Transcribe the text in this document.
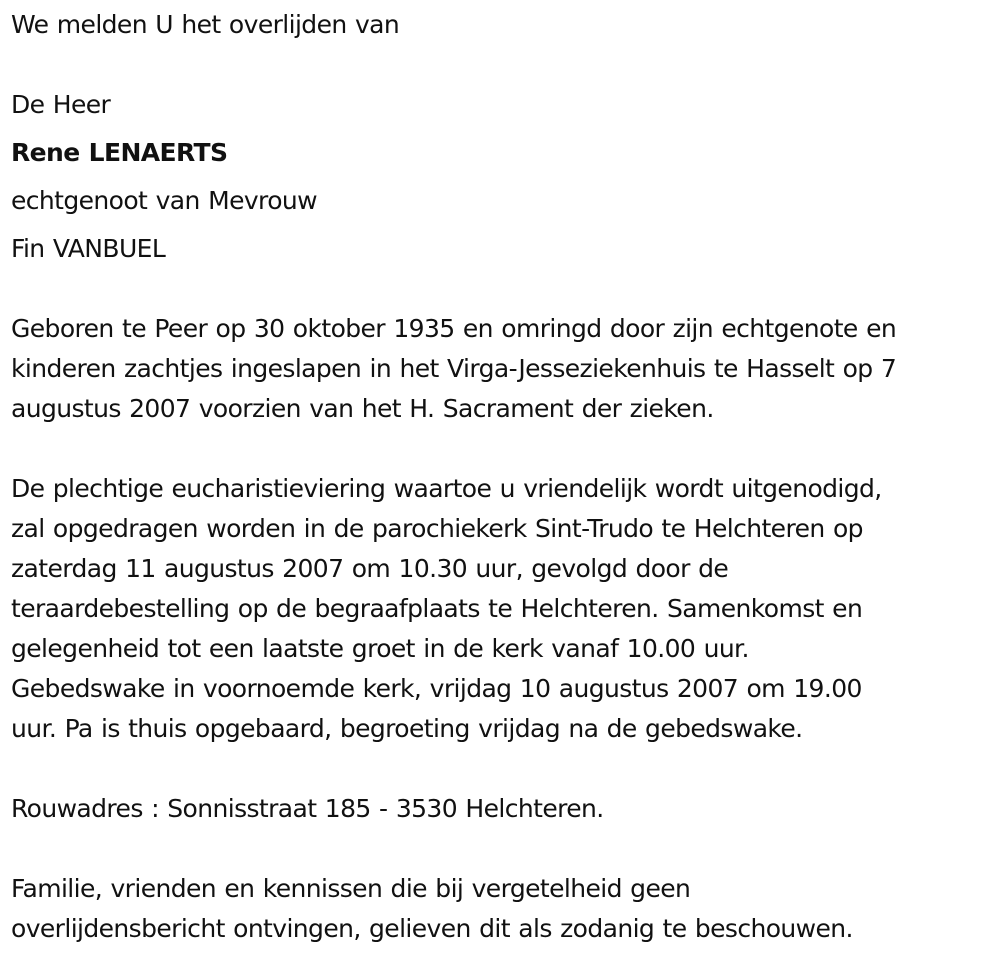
We melden U het overlijden van
De Heer
Rene LENAERTS
echtgenoot van Mevrouw
Fin VANBUEL
Geboren te Peer op 30 oktober 1935 en omringd door zijn echtgenote en
kinderen zachtjes ingeslapen in het Virga-Jesseziekenhuis te Hasselt op 7
augustus 2007 voorzien van het H. Sacrament der zieken.
De plechtige eucharistieviering waartoe u vriendelijk wordt uitgenodigd,
zal opgedragen worden in de parochiekerk Sint-Trudo te Helchteren op
zaterdag 11 augustus 2007 om 10.30 uur, gevolgd door de
teraardebestelling op de begraafplaats te Helchteren. Samenkomst en
gelegenheid tot een laatste groet in de kerk vanaf 10.00 uur.
Gebedswake in voornoemde kerk, vrijdag 10 augustus 2007 om 19.00
uur. Pa is thuis opgebaard, begroeting vrijdag na de gebedswake.
Rouwadres : Sonnisstraat 185 - 3530 Helchteren.
Familie, vrienden en kennissen die bij vergetelheid geen
overlijdensbericht ontvingen, gelieven dit als zodanig te beschouwen.
